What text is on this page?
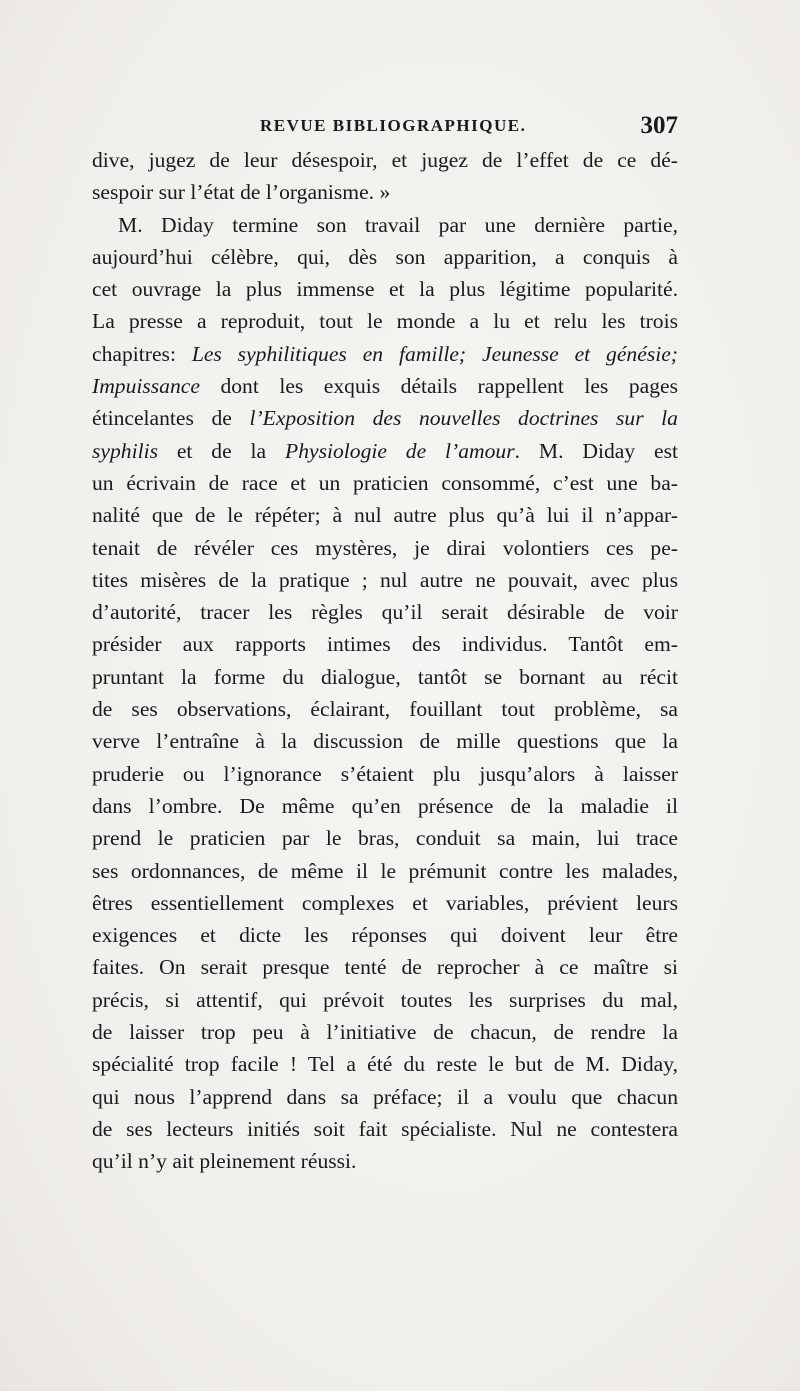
REVUE BIBLIOGRAPHIQUE.	307
dive, jugez de leur désespoir, et jugez de l’effet de ce dé-
sespoir sur l’état de l’organisme. »
M. Diday termine son travail par une dernière partie,
aujourd’hui célèbre, qui, dès son apparition, a conquis à
cet ouvrage la plus immense et la plus légitime popularité.
La presse a reproduit, tout le monde a lu et relu les trois
chapitres: Les syphilitiques en famille; Jeunesse et génésie;
Impuissance dont les exquis détails rappellent les pages
étincelantes de l’Exposition des nouvelles doctrines sur la
syphilis et de la Physiologie de l’amour. M. Diday est
un écrivain de race et un praticien consommé, c’est une ba-
nalité que de le répéter; à nul autre plus qu’à lui il n’appar-
tenait de révéler ces mystères, je dirai volontiers ces pe-
tites misères de la pratique ; nul autre ne pouvait, avec plus
d’autorité, tracer les règles qu’il serait désirable de voir
présider aux rapports intimes des individus. Tantôt em-
pruntant la forme du dialogue, tantôt se bornant au récit
de ses observations, éclairant, fouillant tout problème, sa
verve l’entraîne à la discussion de mille questions que la
pruderie ou l’ignorance s’étaient plu jusqu’alors à laisser
dans l’ombre. De même qu’en présence de la maladie il
prend le praticien par le bras, conduit sa main, lui trace
ses ordonnances, de même il le prémunit contre les malades,
êtres essentiellement complexes et variables, prévient leurs
exigences et dicte les réponses qui doivent leur être
faites. On serait presque tenté de reprocher à ce maître si
précis, si attentif, qui prévoit toutes les surprises du mal,
de laisser trop peu à l’initiative de chacun, de rendre la
spécialité trop facile ! Tel a été du reste le but de M. Diday,
qui nous l’apprend dans sa préface; il a voulu que chacun
de ses lecteurs initiés soit fait spécialiste. Nul ne contestera
qu’il n’y ait pleinement réussi.
